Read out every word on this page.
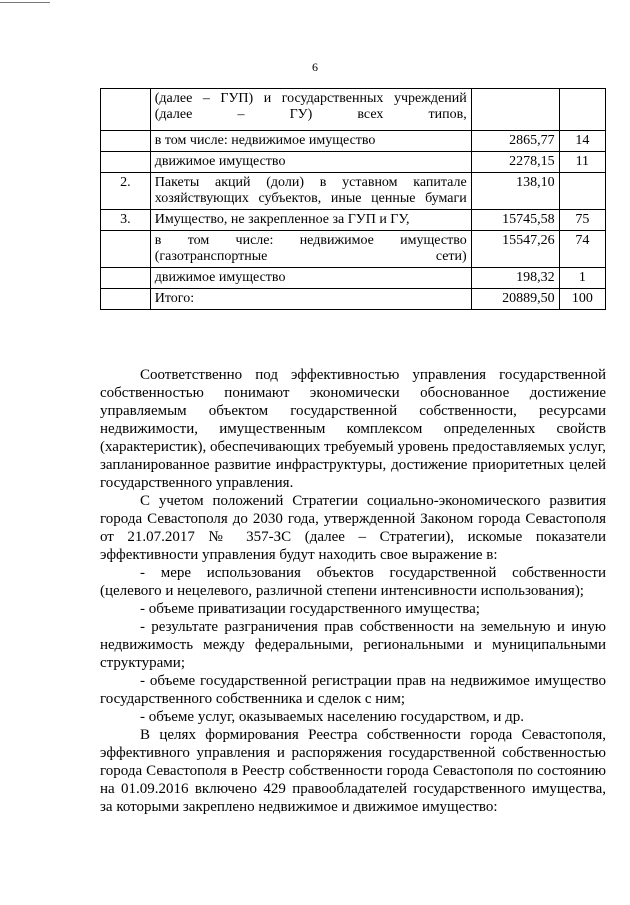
6
	(далее – ГУП) и государственных учреждений (далее – ГУ) всех типов,		
	в том числе: недвижимое имущество	2865,77	14
	движимое имущество	2278,15	11
2.	Пакеты акций (доли) в уставном капитале хозяйствующих субъектов, иные ценные бумаги	138,10	
3.	Имущество, не закрепленное за ГУП и ГУ,	15745,58	75
	в том числе: недвижимое имущество (газотранспортные сети)	15547,26	74
	движимое имущество	198,32	1
	Итого:	20889,50	100

Соответственно под эффективностью управления государственной собственностью понимают экономически обоснованное достижение управляемым объектом государственной собственности, ресурсами недвижимости, имущественным комплексом определенных свойств (характеристик), обеспечивающих требуемый уровень предоставляемых услуг, запланированное развитие инфраструктуры, достижение приоритетных целей государственного управления.

С учетом положений Стратегии социально-экономического развития города Севастополя до 2030 года, утвержденной Законом города Севастополя от 21.07.2017 № 357-ЗС (далее – Стратегии), искомые показатели эффективности управления будут находить свое выражение в:

- мере использования объектов государственной собственности (целевого и нецелевого, различной степени интенсивности использования);

- объеме приватизации государственного имущества;

- результате разграничения прав собственности на земельную и иную недвижимость между федеральными, региональными и муниципальными структурами;

- объеме государственной регистрации прав на недвижимое имущество государственного собственника и сделок с ним;

- объеме услуг, оказываемых населению государством, и др.

В целях формирования Реестра собственности города Севастополя, эффективного управления и распоряжения государственной собственностью города Севастополя в Реестр собственности города Севастополя по состоянию на 01.09.2016 включено 429 правообладателей государственного имущества, за которыми закреплено недвижимое и движимое имущество:
